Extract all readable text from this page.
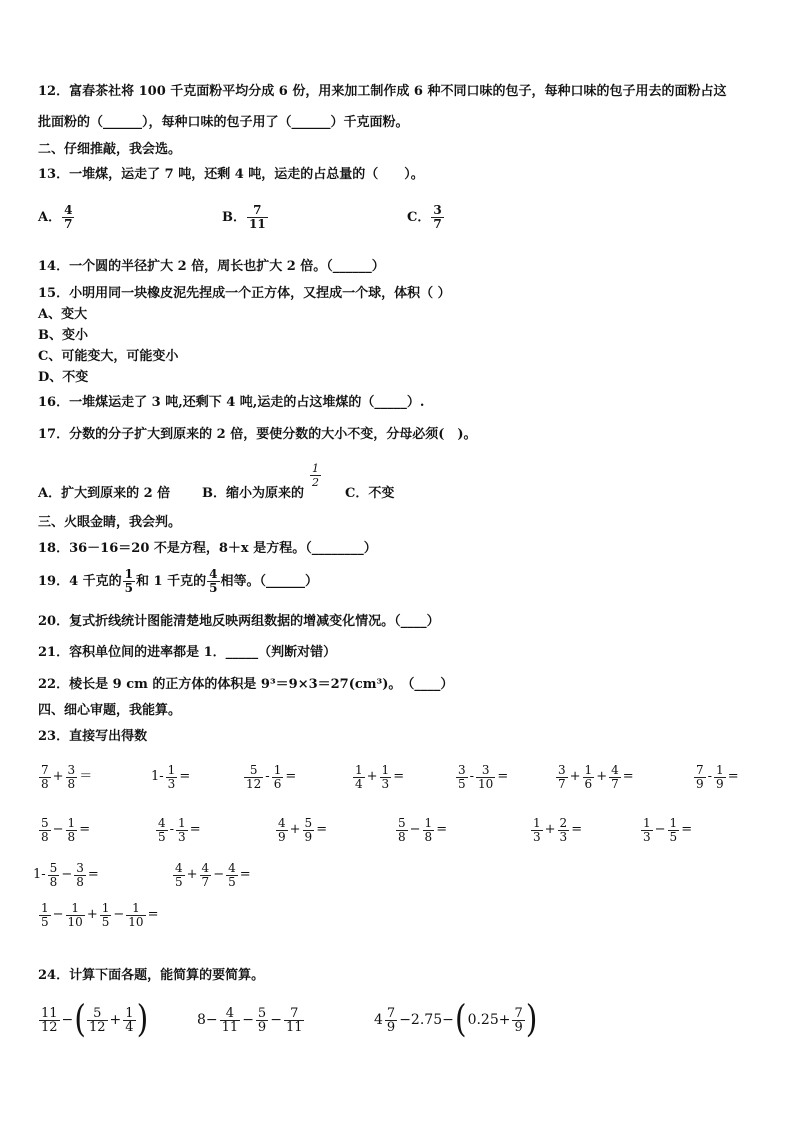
12．富春茶社将 100 千克面粉平均分成 6 份，用来加工制作成 6 种不同口味的包子，每种口味的包子用去的面粉占这
批面粉的（______），每种口味的包子用了（______）千克面粉。
二、仔细推敲，我会选。
13．一堆煤，运走了 7 吨，还剩 4 吨，运走的占总量的（　　）。
A． $\frac{4}{7}$	B． $\frac{7}{11}$	C． $\frac{3}{7}$
14．一个圆的半径扩大 2 倍，周长也扩大 2 倍。（______）
15．小明用同一块橡皮泥先捏成一个正方体，又捏成一个球，体积（ ）
A、变大
B、变小
C、可能变大，可能变小
D、不变
16．一堆煤运走了 3 吨,还剩下 4 吨,运走的占这堆煤的（_____）.
17．分数的分子扩大到原来的 2 倍，要使分数的大小不变，分母必须(　)。
A．扩大到原来的 2 倍 B．缩小为原来的
$\frac{1}{2}$
C．不变
三、火眼金睛，我会判。
18．36－16＝20 不是方程，8＋x 是方程。（________）
19．4 千克的 $\frac{1}{5}$ 和 1 千克的 $\frac{4}{5}$ 相等。（______）
20．复式折线统计图能清楚地反映两组数据的增减变化情况。（____）
21．容积单位间的进率都是 1．_____（判断对错）
22．棱长是 9 cm 的正方体的体积是 9³＝9×3＝27(cm³)。　（____）
四、细心审题，我能算。
23．直接写出得数
$\frac{7}{8} + \frac{3}{8}$ ＝	$1- \frac{1}{3}$ =	$\frac{5}{12} - \frac{1}{6}$ =	$\frac{1}{4} + \frac{1}{3}$ =	$\frac{3}{5} - \frac{3}{10}$ =	$\frac{3}{7} + \frac{1}{6} + \frac{4}{7}$ =	$\frac{7}{9} - \frac{1}{9}$ =
$\frac{5}{8} - \frac{1}{8}$ =	$\frac{4}{5} - \frac{1}{3}$ =	$\frac{4}{9} + \frac{5}{9}$ =	$\frac{5}{8} - \frac{1}{8}$ =	$\frac{1}{3} + \frac{2}{3}$ =	$\frac{1}{3} - \frac{1}{5}$ =
$1- \frac{5}{8} - \frac{3}{8}$ =	$\frac{4}{5} + \frac{4}{7} - \frac{4}{5}$ =
$\frac{1}{5} - \frac{1}{10} + \frac{1}{5} - \frac{1}{10}$ =
24．计算下面各题，能简算的要简算。
$\frac{11}{12}$ −( $\frac{5}{12} + \frac{1}{4}$ )	$8- \frac{4}{11} - \frac{5}{9} - \frac{7}{11}$	$4 \frac{7}{9} -2.75-(0.25+ \frac{7}{9}$ )
